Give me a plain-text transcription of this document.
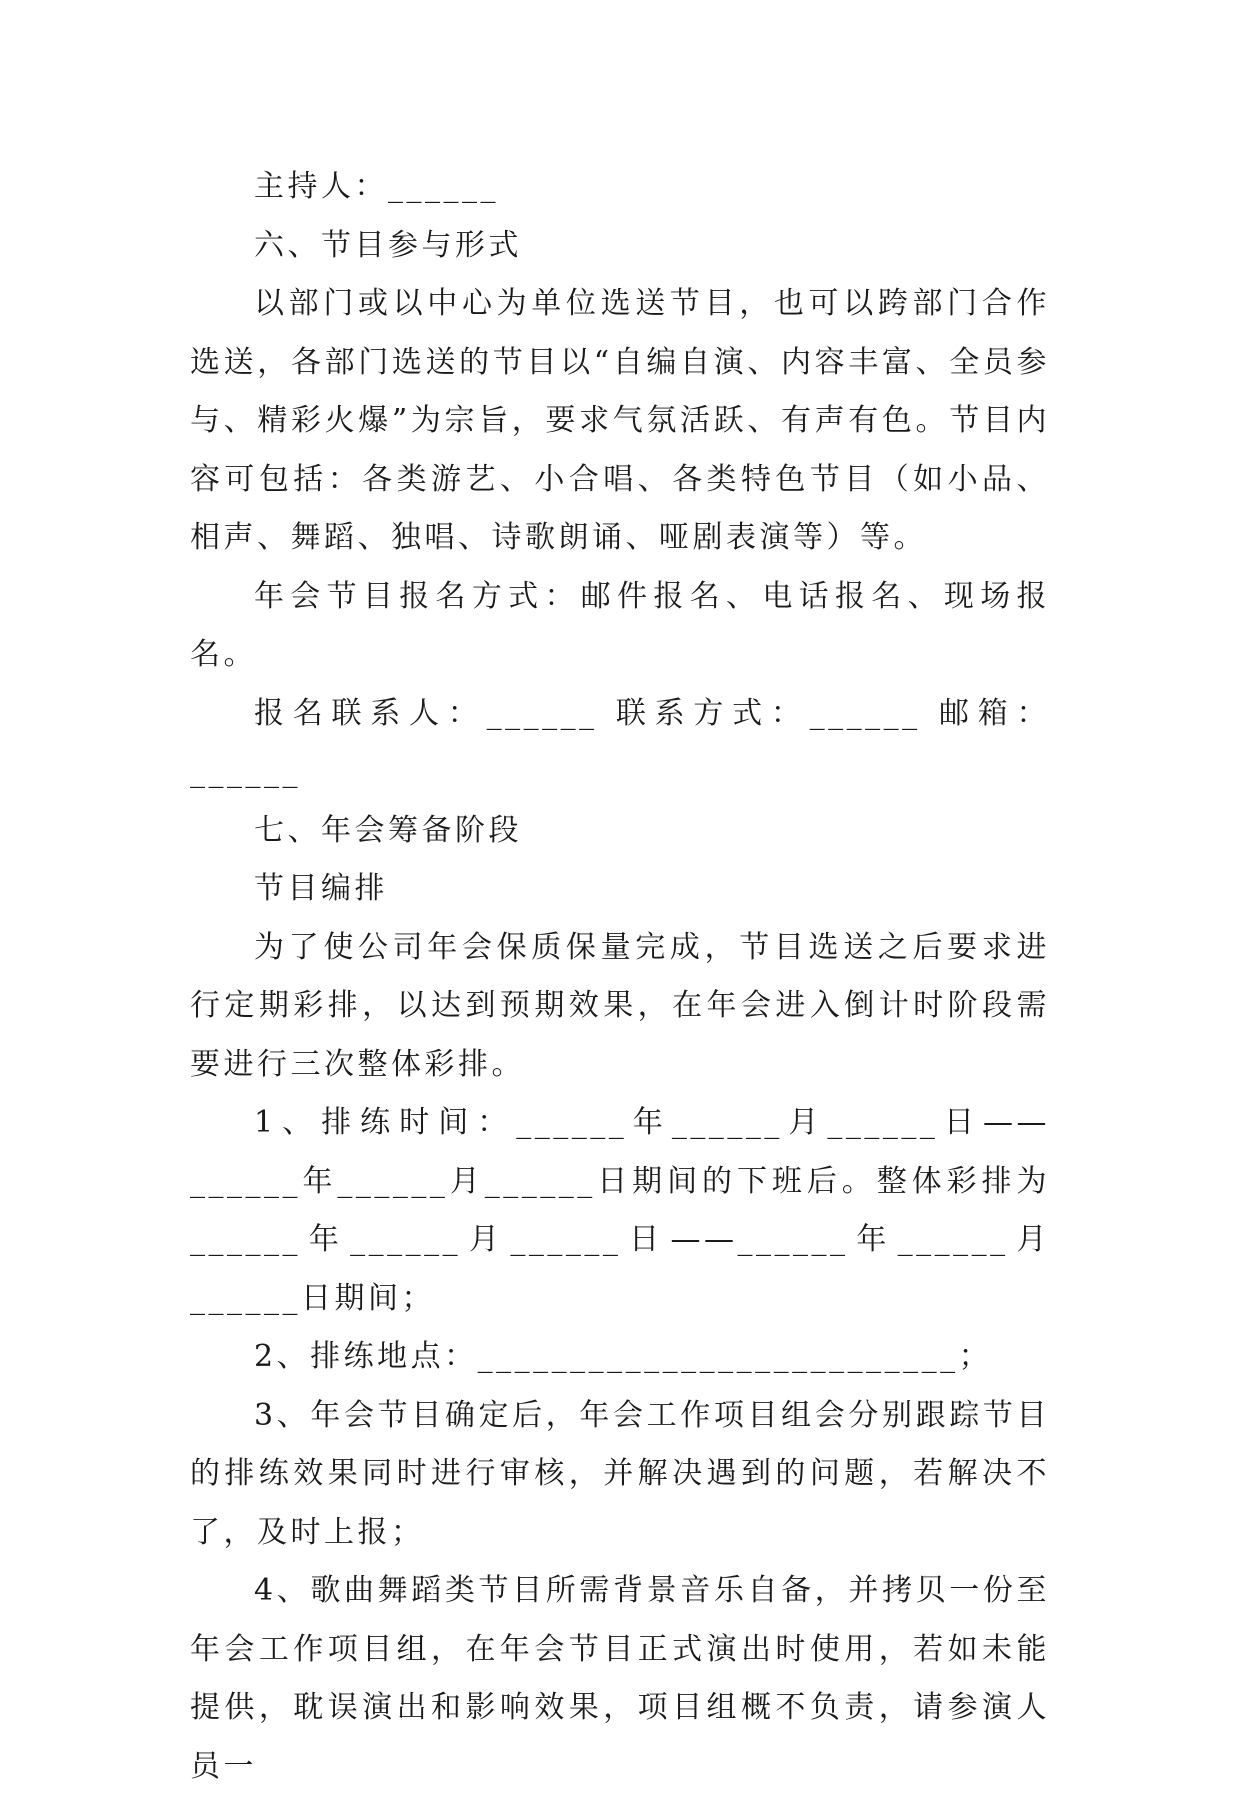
主持人：______

六、节目参与形式

以部门或以中心为单位选送节目，也可以跨部门合作选送，各部门选送的节目以“自编自演、内容丰富、全员参与、精彩火爆”为宗旨，要求气氛活跃、有声有色。节目内容可包括：各类游艺、小合唱、各类特色节目（如小品、相声、舞蹈、独唱、诗歌朗诵、哑剧表演等）等。

年会节目报名方式：邮件报名、电话报名、现场报名。

报名联系人：______ 联系方式：______ 邮箱：______

七、年会筹备阶段

节目编排

为了使公司年会保质保量完成，节目选送之后要求进行定期彩排，以达到预期效果，在年会进入倒计时阶段需要进行三次整体彩排。

1、排练时间：______年______月______日——______年______月______日期间的下班后。整体彩排为______年______月______日——______年______月______日期间；

2、排练地点：__________________________；

3、年会节目确定后，年会工作项目组会分别跟踪节目的排练效果同时进行审核，并解决遇到的问题，若解决不了，及时上报；

4、歌曲舞蹈类节目所需背景音乐自备，并拷贝一份至年会工作项目组，在年会节目正式演出时使用，若如未能提供，耽误演出和影响效果，项目组概不负责，请参演人员一
